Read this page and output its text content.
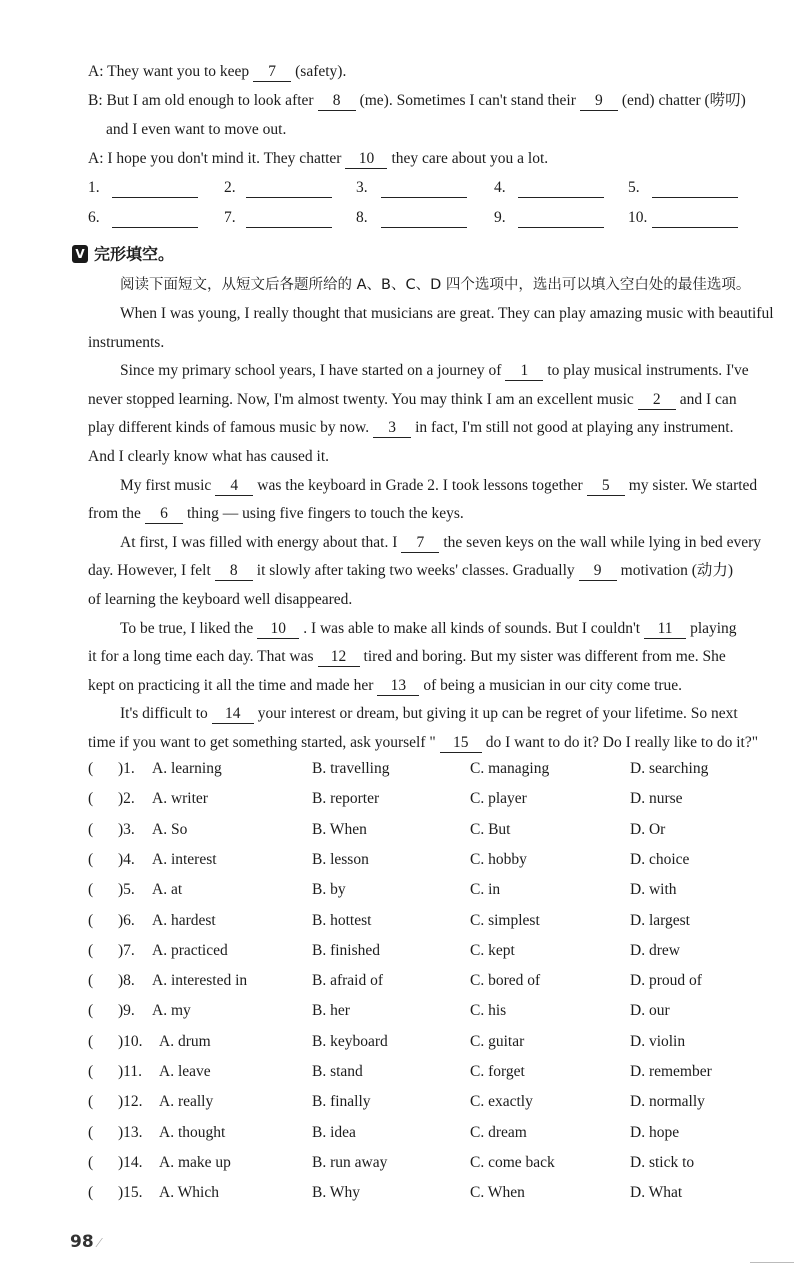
A: They want you to keep 7 (safety).
B: But I am old enough to look after 8 (me). Sometimes I can't stand their 9 (end) chatter (唠叨)
and I even want to move out.
A: I hope you don't mind it. They chatter 10 they care about you a lot.
1.	2.	3.	4.	5.
6.	7.	8.	9.	10.
V 完形填空。
阅读下面短文，从短文后各题所给的 A、B、C、D 四个选项中，选出可以填入空白处的最佳选项。
When I was young, I really thought that musicians are great. They can play amazing music with beautiful
instruments.
Since my primary school years, I have started on a journey of 1 to play musical instruments. I've
never stopped learning. Now, I'm almost twenty. You may think I am an excellent music 2 and I can
play different kinds of famous music by now. 3 in fact, I'm still not good at playing any instrument.
And I clearly know what has caused it.
My first music 4 was the keyboard in Grade 2. I took lessons together 5 my sister. We started
from the 6 thing — using five fingers to touch the keys.
At first, I was filled with energy about that. I 7 the seven keys on the wall while lying in bed every
day. However, I felt 8 it slowly after taking two weeks' classes. Gradually 9 motivation (动力)
of learning the keyboard well disappeared.
To be true, I liked the 10 . I was able to make all kinds of sounds. But I couldn't 11 playing
it for a long time each day. That was 12 tired and boring. But my sister was different from me. She
kept on practicing it all the time and made her 13 of being a musician in our city come true.
It's difficult to 14 your interest or dream, but giving it up can be regret of your lifetime. So next
time if you want to get something started, ask yourself " 15 do I want to do it? Do I really like to do it?"
( )1. A. learning	B. travelling	C. managing	D. searching
( )2. A. writer	B. reporter	C. player	D. nurse
( )3. A. So	B. When	C. But	D. Or
( )4. A. interest	B. lesson	C. hobby	D. choice
( )5. A. at	B. by	C. in	D. with
( )6. A. hardest	B. hottest	C. simplest	D. largest
( )7. A. practiced	B. finished	C. kept	D. drew
( )8. A. interested in	B. afraid of	C. bored of	D. proud of
( )9. A. my	B. her	C. his	D. our
( )10. A. drum	B. keyboard	C. guitar	D. violin
( )11. A. leave	B. stand	C. forget	D. remember
( )12. A. really	B. finally	C. exactly	D. normally
( )13. A. thought	B. idea	C. dream	D. hope
( )14. A. make up	B. run away	C. come back	D. stick to
( )15. A. Which	B. Why	C. When	D. What
98 ⁄
